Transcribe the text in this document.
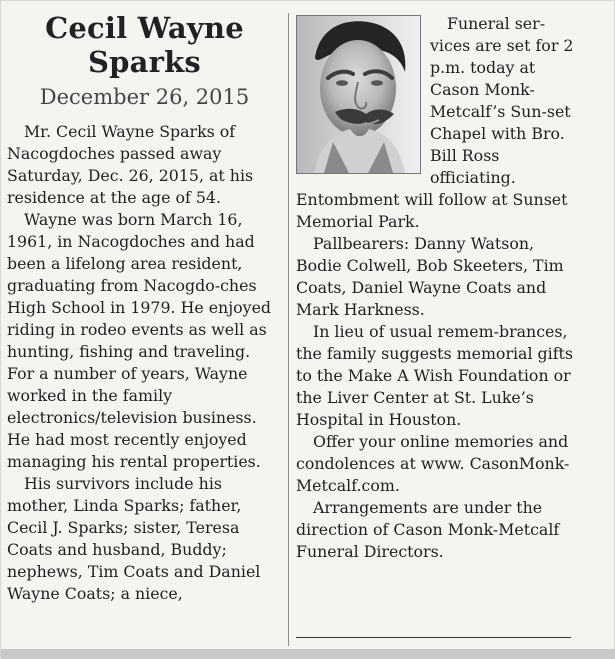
Cecil Wayne
Sparks
December 26, 2015

Mr. Cecil Wayne Sparks of Nacogdoches passed away Saturday, Dec. 26, 2015, at his residence at the age of 54.

Wayne was born March 16, 1961, in Nacogdoches and had been a lifelong area resident, graduating from Nacogdo-ches High School in 1979. He enjoyed riding in rodeo events as well as hunting, fishing and traveling. For a number of years, Wayne worked in the family electronics/television business. He had most recently enjoyed managing his rental properties.

His survivors include his mother, Linda Sparks; father, Cecil J. Sparks; sister, Teresa Coats and husband, Buddy; nephews, Tim Coats and Daniel Wayne Coats; a niece,

Funeral ser-vices are set for 2 p.m. today at Cason Monk-Metcalf’s Sun-set Chapel with Bro. Bill Ross officiating. Entombment will follow at Sunset Memorial Park.

Pallbearers: Danny Watson, Bodie Colwell, Bob Skeeters, Tim Coats, Daniel Wayne Coats and Mark Harkness.

In lieu of usual remem-brances, the family suggests memorial gifts to the Make A Wish Foundation or the Liver Center at St. Luke’s Hospital in Houston.

Offer your online memories and condolences at www. CasonMonk-Metcalf.com.

Arrangements are under the direction of Cason Monk-Metcalf Funeral Directors.
